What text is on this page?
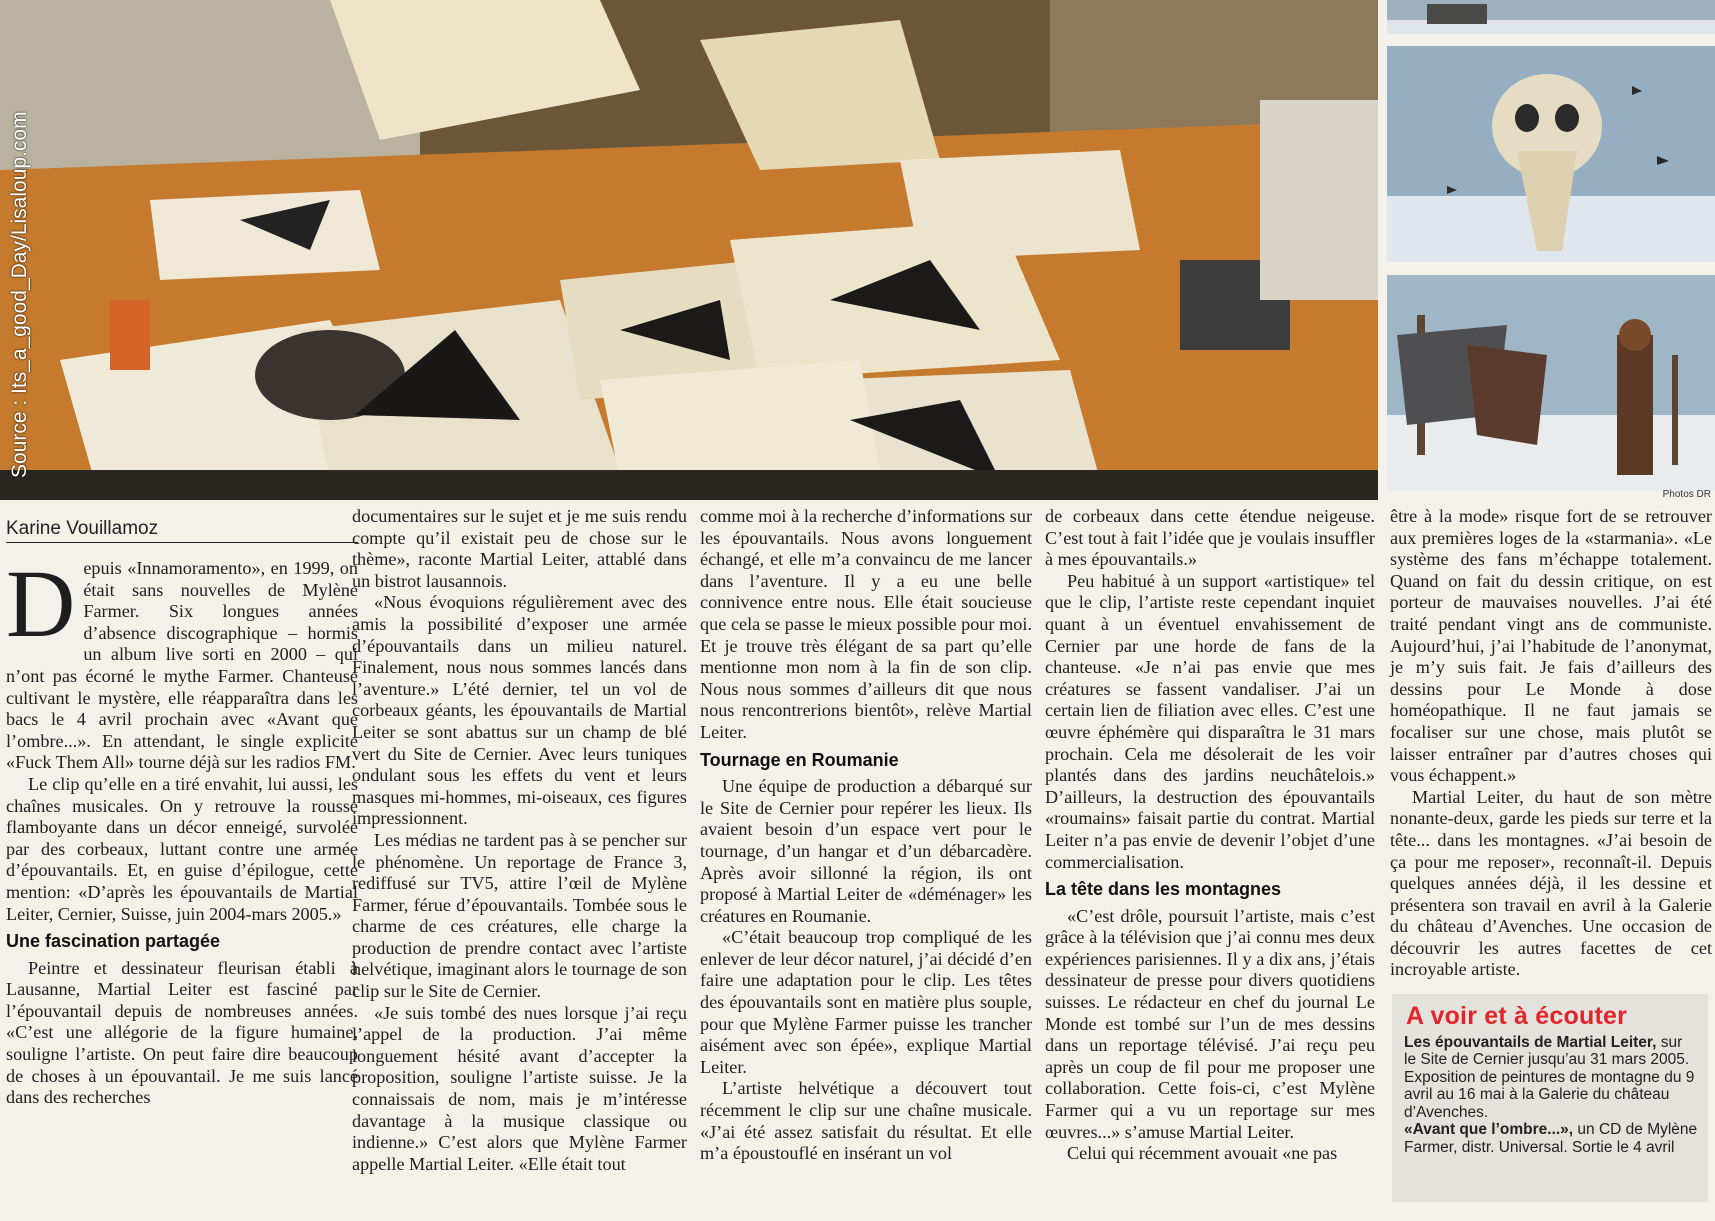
Source : Its_a_good_Day/Lisaloup.com
Photos DR
Karine Vouillamoz

Depuis «Innamoramento», en 1999, on était sans nouvelles de Mylène Farmer. Six longues années d’absence discographique – hormis un album live sorti en 2000 – qui n’ont pas écorné le mythe Farmer. Chanteuse cultivant le mystère, elle réapparaîtra dans les bacs le 4 avril prochain avec «Avant que l’ombre...». En attendant, le single explicite «Fuck Them All» tourne déjà sur les radios FM.

Le clip qu’elle en a tiré envahit, lui aussi, les chaînes musicales. On y retrouve la rousse flamboyante dans un décor enneigé, survolée par des corbeaux, luttant contre une armée d’épouvantails. Et, en guise d’épilogue, cette mention: «D’après les épouvantails de Martial Leiter, Cernier, Suisse, juin 2004-mars 2005.»

Une fascination partagée

Peintre et dessinateur fleurisan établi à Lausanne, Martial Leiter est fasciné par l’épouvantail depuis de nombreuses années. «C’est une allégorie de la figure humaine, souligne l’artiste. On peut faire dire beaucoup de choses à un épouvantail. Je me suis lancé dans des recherches

documentaires sur le sujet et je me suis rendu compte qu’il existait peu de chose sur le thème», raconte Martial Leiter, attablé dans un bistrot lausannois.

«Nous évoquions régulièrement avec des amis la possibilité d’exposer une armée d’épouvantails dans un milieu naturel. Finalement, nous nous sommes lancés dans l’aventure.» L’été dernier, tel un vol de corbeaux géants, les épouvantails de Martial Leiter se sont abattus sur un champ de blé vert du Site de Cernier. Avec leurs tuniques ondulant sous les effets du vent et leurs masques mi-hommes, mi-oiseaux, ces figures impressionnent.

Les médias ne tardent pas à se pencher sur le phénomène. Un reportage de France 3, rediffusé sur TV5, attire l’œil de Mylène Farmer, férue d’épouvantails. Tombée sous le charme de ces créatures, elle charge la production de prendre contact avec l’artiste helvétique, imaginant alors le tournage de son clip sur le Site de Cernier.

«Je suis tombé des nues lorsque j’ai reçu l’appel de la production. J’ai même longuement hésité avant d’accepter la proposition, souligne l’artiste suisse. Je la connaissais de nom, mais je m’intéresse davantage à la musique classique ou indienne.» C’est alors que Mylène Farmer appelle Martial Leiter. «Elle était tout

comme moi à la recherche d’informations sur les épouvantails. Nous avons longuement échangé, et elle m’a convaincu de me lancer dans l’aventure. Il y a eu une belle connivence entre nous. Elle était soucieuse que cela se passe le mieux possible pour moi. Et je trouve très élégant de sa part qu’elle mentionne mon nom à la fin de son clip. Nous nous sommes d’ailleurs dit que nous nous rencontrerions bientôt», relève Martial Leiter.

Tournage en Roumanie

Une équipe de production a débarqué sur le Site de Cernier pour repérer les lieux. Ils avaient besoin d’un espace vert pour le tournage, d’un hangar et d’un débarcadère. Après avoir sillonné la région, ils ont proposé à Martial Leiter de «déménager» les créatures en Roumanie.

«C’était beaucoup trop compliqué de les enlever de leur décor naturel, j’ai décidé d’en faire une adaptation pour le clip. Les têtes des épouvantails sont en matière plus souple, pour que Mylène Farmer puisse les trancher aisément avec son épée», explique Martial Leiter.

L’artiste helvétique a découvert tout récemment le clip sur une chaîne musicale. «J’ai été assez satisfait du résultat. Et elle m’a époustouflé en insérant un vol

de corbeaux dans cette étendue neigeuse. C’est tout à fait l’idée que je voulais insuffler à mes épouvantails.»

Peu habitué à un support «artistique» tel que le clip, l’artiste reste cependant inquiet quant à un éventuel envahissement de Cernier par une horde de fans de la chanteuse. «Je n’ai pas envie que mes créatures se fassent vandaliser. J’ai un certain lien de filiation avec elles. C’est une œuvre éphémère qui disparaîtra le 31 mars prochain. Cela me désolerait de les voir plantés dans des jardins neuchâtelois.» D’ailleurs, la destruction des épouvantails «roumains» faisait partie du contrat. Martial Leiter n’a pas envie de devenir l’objet d’une commercialisation.

La tête dans les montagnes

«C’est drôle, poursuit l’artiste, mais c’est grâce à la télévision que j’ai connu mes deux expériences parisiennes. Il y a dix ans, j’étais dessinateur de presse pour divers quotidiens suisses. Le rédacteur en chef du journal Le Monde est tombé sur l’un de mes dessins dans un reportage télévisé. J’ai reçu peu après un coup de fil pour me proposer une collaboration. Cette fois-ci, c’est Mylène Farmer qui a vu un reportage sur mes œuvres...» s’amuse Martial Leiter.

Celui qui récemment avouait «ne pas

être à la mode» risque fort de se retrouver aux premières loges de la «starmania». «Le système des fans m’échappe totalement. Quand on fait du dessin critique, on est porteur de mauvaises nouvelles. J’ai été traité pendant vingt ans de communiste. Aujourd’hui, j’ai l’habitude de l’anonymat, je m’y suis fait. Je fais d’ailleurs des dessins pour Le Monde à dose homéopathique. Il ne faut jamais se focaliser sur une chose, mais plutôt se laisser entraîner par d’autres choses qui vous échappent.»

Martial Leiter, du haut de son mètre nonante-deux, garde les pieds sur terre et la tête... dans les montagnes. «J’ai besoin de ça pour me reposer», reconnaît-il. Depuis quelques années déjà, il les dessine et présentera son travail en avril à la Galerie du château d’Avenches. Une occasion de découvrir les autres facettes de cet incroyable artiste.

A voir et à écouter
Les épouvantails de Martial Leiter, sur le Site de Cernier jusqu’au 31 mars 2005. Exposition de peintures de montagne du 9 avril au 16 mai à la Galerie du château d’Avenches.
«Avant que l’ombre...», un CD de Mylène Farmer, distr. Universal. Sortie le 4 avril
